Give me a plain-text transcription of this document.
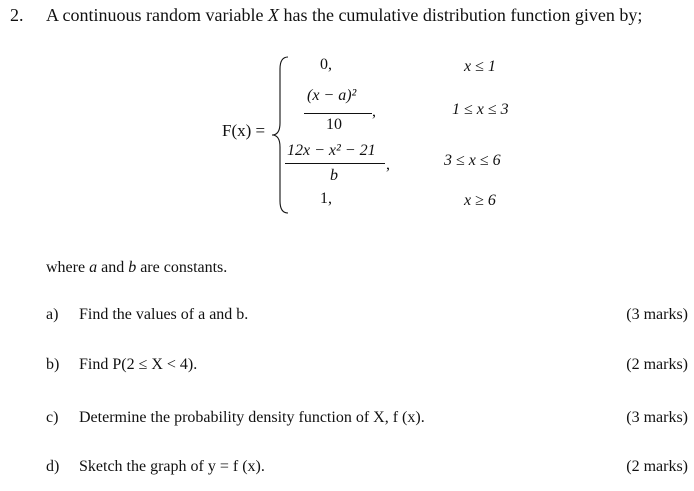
2. A continuous random variable X has the cumulative distribution function given by;
F(x) =
0,	x ≤ 1
(x − a)²
10
,	1 ≤ x ≤ 3
12x − x² − 21
b
,	3 ≤ x ≤ 6
1,	x ≥ 6
where a and b are constants.
a) Find the values of a and b.	(3 marks)
b) Find P(2 ≤ X < 4).	(2 marks)
c) Determine the probability density function of X, f (x).	(3 marks)
d) Sketch the graph of y = f (x).	(2 marks)
